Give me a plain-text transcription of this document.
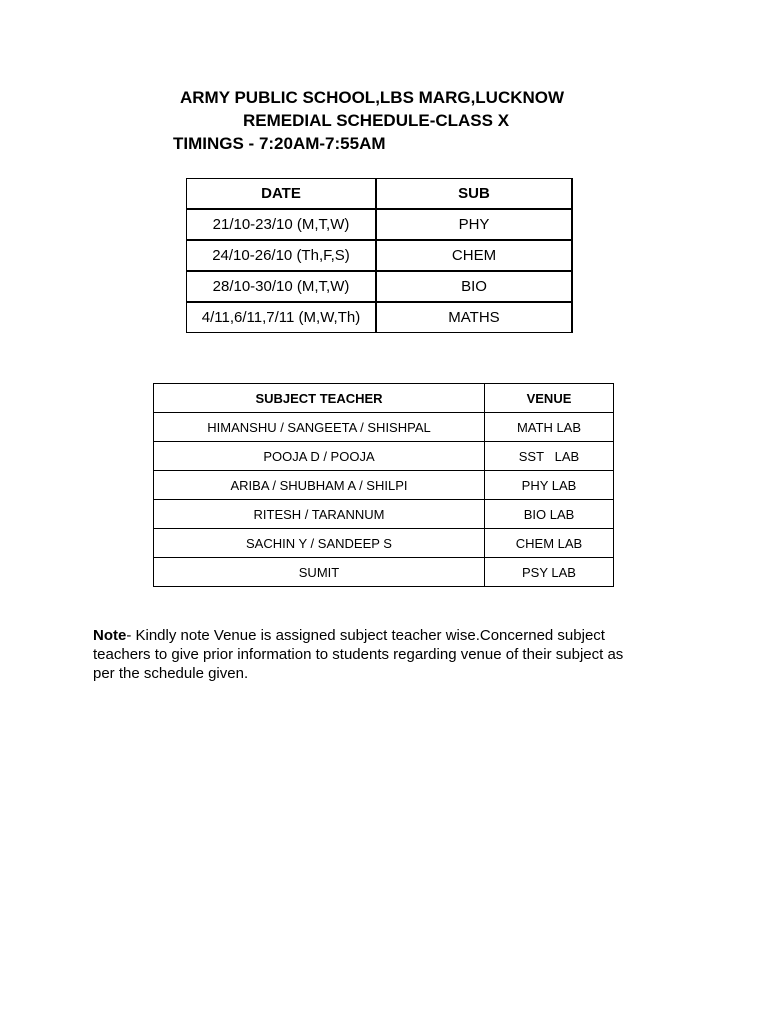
ARMY PUBLIC SCHOOL,LBS MARG,LUCKNOW
REMEDIAL SCHEDULE-CLASS X
TIMINGS - 7:20AM-7:55AM
DATE	SUB
21/10-23/10 (M,T,W)	PHY
24/10-26/10 (Th,F,S)	CHEM
28/10-30/10 (M,T,W)	BIO
4/11,6/11,7/11 (M,W,Th)	MATHS
SUBJECT TEACHER	VENUE
HIMANSHU / SANGEETA / SHISHPAL	MATH LAB
POOJA D / POOJA	SST   LAB
ARIBA / SHUBHAM A / SHILPI	PHY LAB
RITESH / TARANNUM	BIO LAB
SACHIN Y / SANDEEP S	CHEM LAB
SUMIT	PSY LAB
Note- Kindly note Venue is assigned subject teacher wise.Concerned subject teachers to give prior information to students regarding venue of their subject as per the schedule given.
